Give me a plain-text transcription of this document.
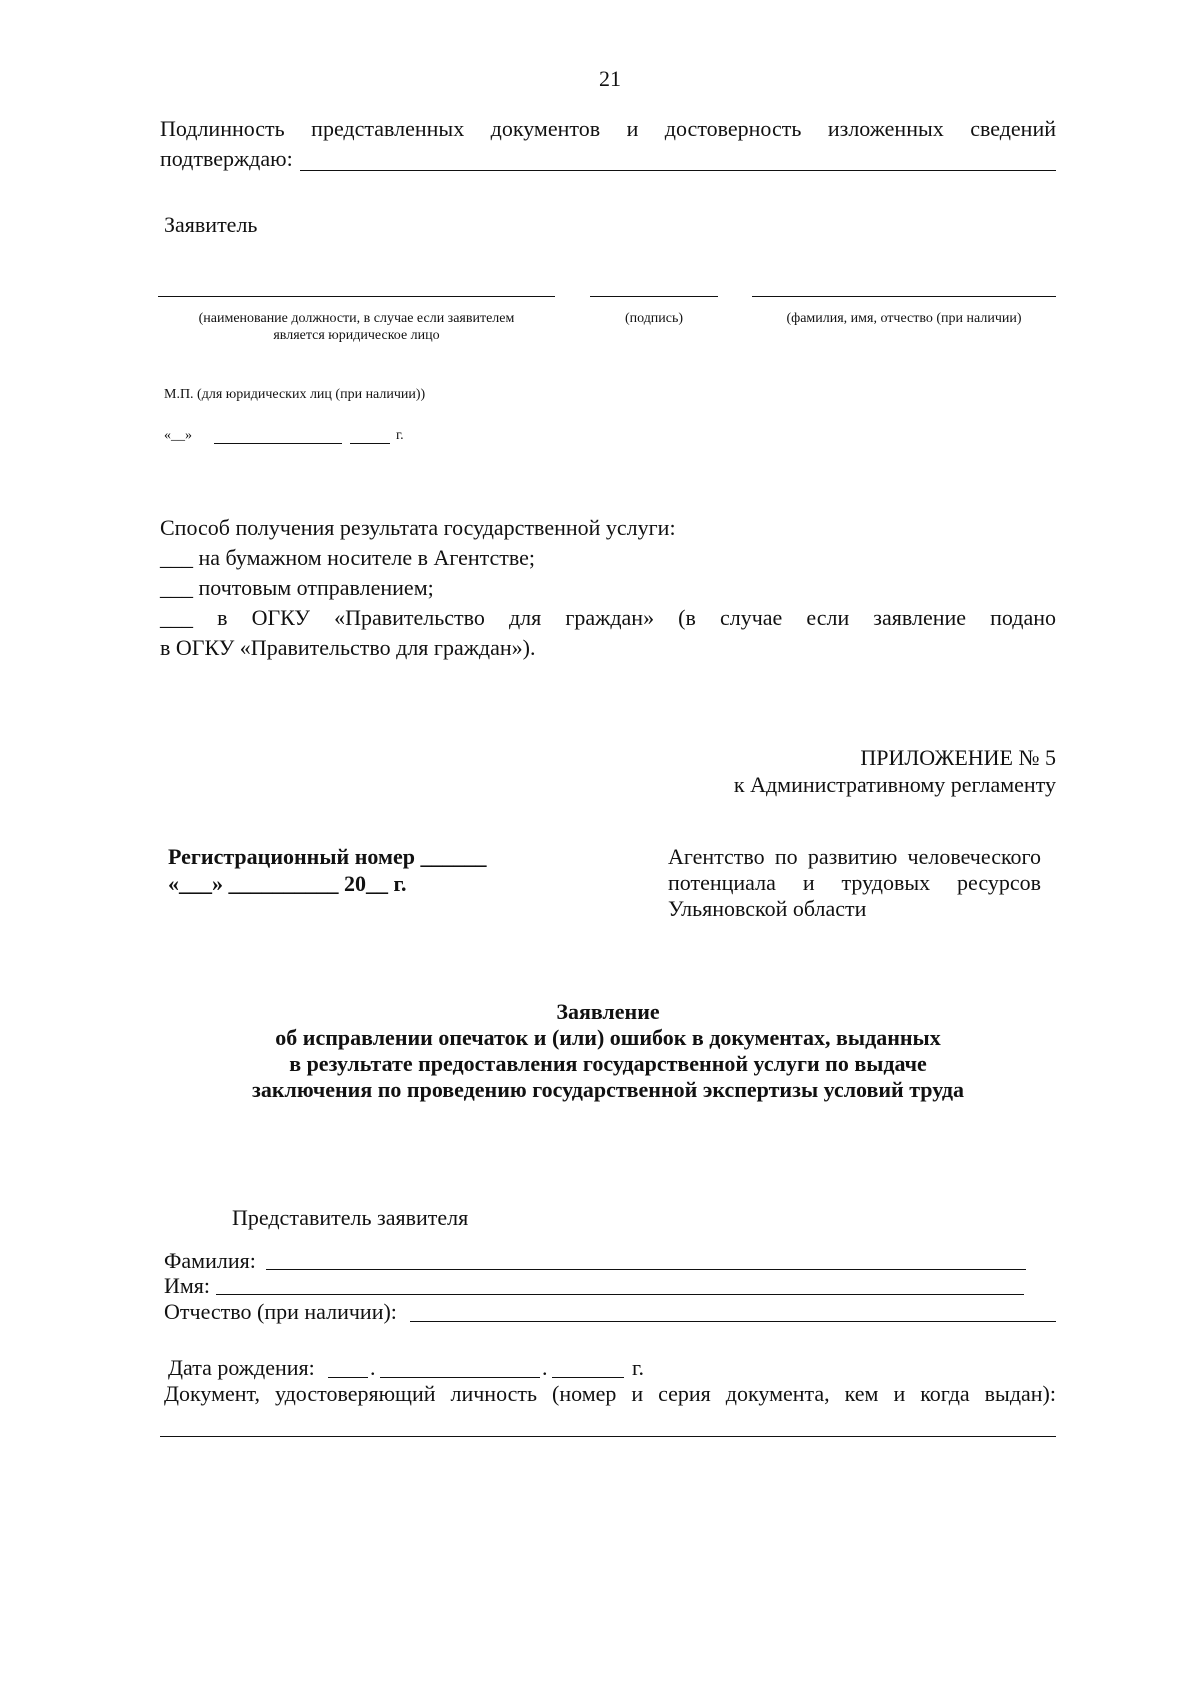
21
Подлинность представленных документов и достоверность изложенных сведений
подтверждаю:
Заявитель
(наименование должности, в случае если заявителем
является юридическое лицо
(подпись)	(фамилия, имя, отчество (при наличии)
М.П. (для юридических лиц (при наличии))
«__»	г.
Способ получения результата государственной услуги:
___ на бумажном носителе в Агентстве;
___ почтовым отправлением;
___ в ОГКУ «Правительство для граждан» (в случае если заявление подано
в ОГКУ «Правительство для граждан»).
ПРИЛОЖЕНИЕ № 5
к Административному регламенту
Регистрационный номер ______
«___» __________ 20__ г.
Агентство по развитию человеческого
потенциала и трудовых ресурсов
Ульяновской области
Заявление
об исправлении опечаток и (или) ошибок в документах, выданных
в результате предоставления государственной услуги по выдаче
заключения по проведению государственной экспертизы условий труда
Представитель заявителя
Фамилия:
Имя:
Отчество (при наличии):
Дата рождения:	.	.	г.
Документ, удостоверяющий личность (номер и серия документа, кем и когда выдан):
